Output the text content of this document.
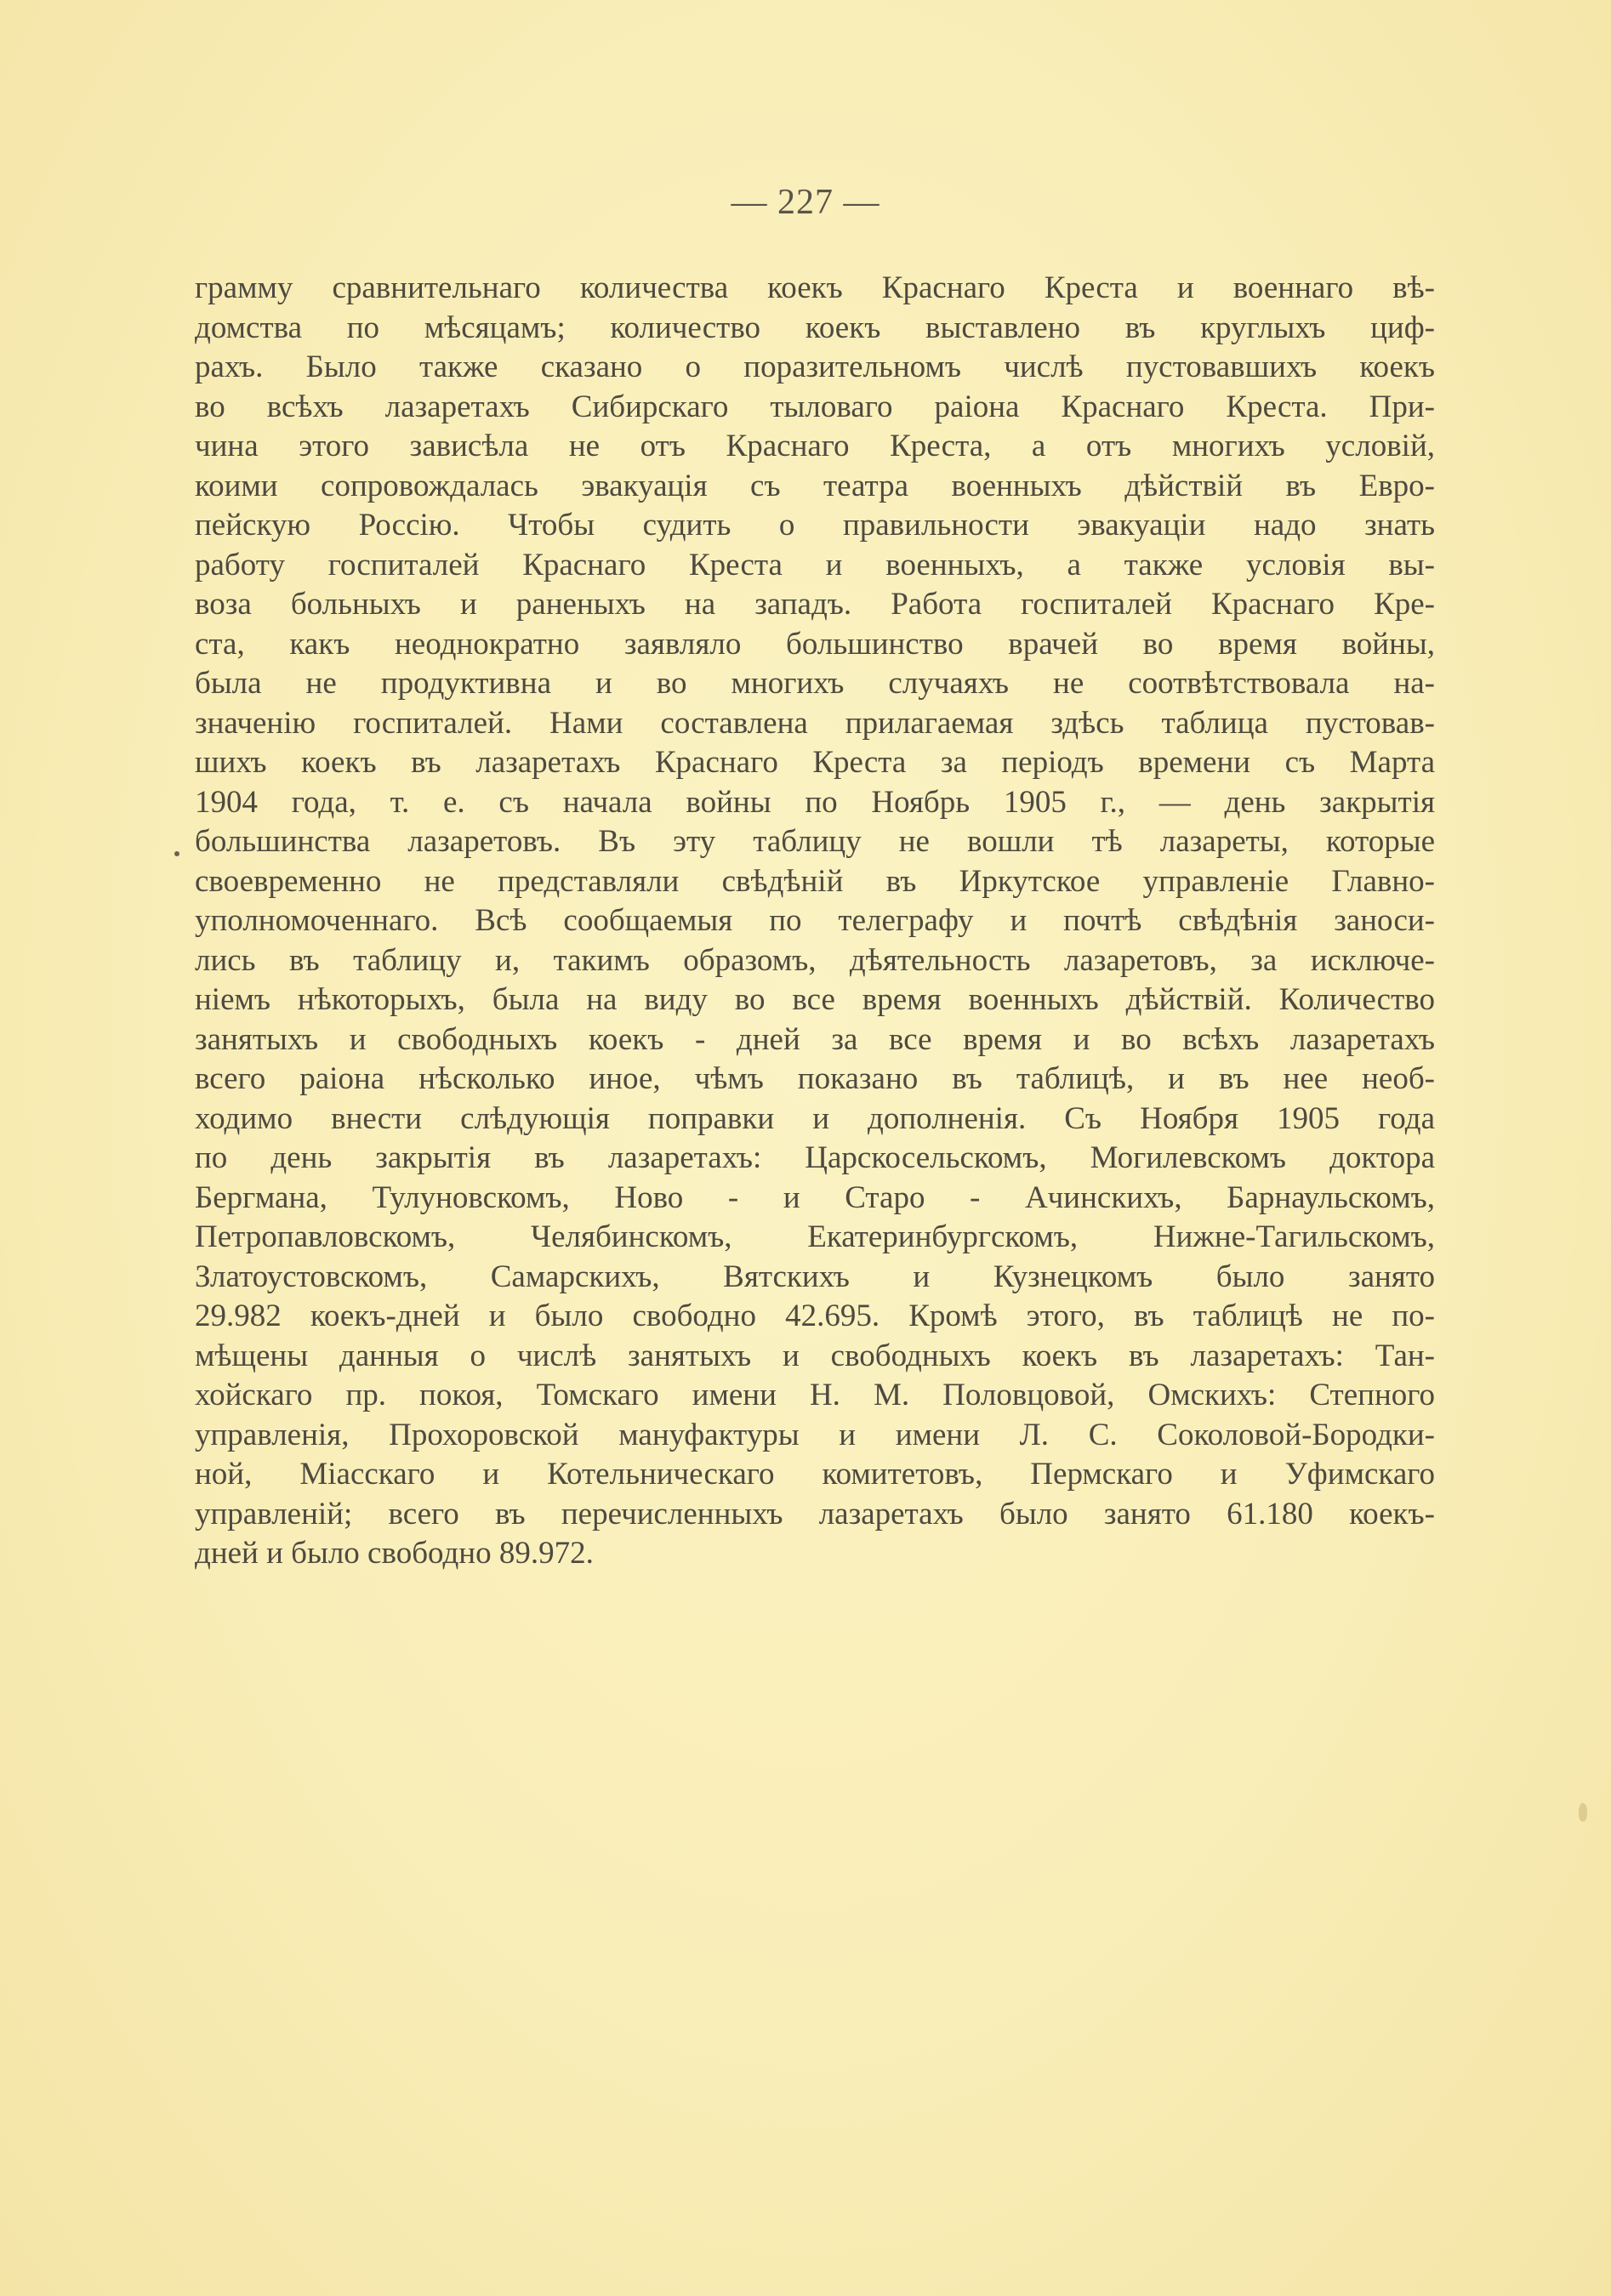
— 227 —
грамму сравнительнаго количества коекъ Краснаго Креста и военнаго вѣ-
домства по мѣсяцамъ; количество коекъ выставлено въ круглыхъ циф-
рахъ. Было также сказано о поразительномъ числѣ пустовавшихъ коекъ
во всѣхъ лазаретахъ Сибирскаго тыловаго раіона Краснаго Креста. При-
чина этого зависѣла не отъ Краснаго Креста, а отъ многихъ условій,
коими сопровождалась эвакуація съ театра военныхъ дѣйствій въ Евро-
пейскую Россію. Чтобы судить о правильности эвакуаціи надо знать
работу госпиталей Краснаго Креста и военныхъ, а также условія вы-
воза больныхъ и раненыхъ на западъ. Работа госпиталей Краснаго Кре-
ста, какъ неоднократно заявляло большинство врачей во время войны,
была не продуктивна и во многихъ случаяхъ не соотвѣтствовала на-
значенію госпиталей. Нами составлена прилагаемая здѣсь таблица пустовав-
шихъ коекъ въ лазаретахъ Краснаго Креста за періодъ времени съ Марта
1904 года, т. е. съ начала войны по Ноябрь 1905 г., — день закрытія
большинства лазаретовъ. Въ эту таблицу не вошли тѣ лазареты, которые
своевременно не представляли свѣдѣній въ Иркутское управленіе Главно-
уполномоченнаго. Всѣ сообщаемыя по телеграфу и почтѣ свѣдѣнія заноси-
лись въ таблицу и, такимъ образомъ, дѣятельность лазаретовъ, за исключе-
ніемъ нѣкоторыхъ, была на виду во все время военныхъ дѣйствій. Количество
занятыхъ и свободныхъ коекъ - дней за все время и во всѣхъ лазаретахъ
всего раіона нѣсколько иное, чѣмъ показано въ таблицѣ, и въ нее необ-
ходимо внести слѣдующія поправки и дополненія. Съ Ноября 1905 года
по день закрытія въ лазаретахъ: Царскосельскомъ, Могилевскомъ доктора
Бергмана, Тулуновскомъ, Ново - и Старо - Ачинскихъ, Барнаульскомъ,
Петропавловскомъ, Челябинскомъ, Екатеринбургскомъ, Нижне-Тагильскомъ,
Златоустовскомъ, Самарскихъ, Вятскихъ и Кузнецкомъ было занято
29.982 коекъ-дней и было свободно 42.695. Кромѣ этого, въ таблицѣ не по-
мѣщены данныя о числѣ занятыхъ и свободныхъ коекъ въ лазаретахъ: Тан-
хойскаго пр. покоя, Томскаго имени Н. М. Половцовой, Омскихъ: Степного
управленія, Прохоровской мануфактуры и имени Л. С. Соколовой-Бородки-
ной, Міасскаго и Котельническаго комитетовъ, Пермскаго и Уфимскаго
управленій; всего въ перечисленныхъ лазаретахъ было занято 61.180 коекъ-
дней и было свободно 89.972.
